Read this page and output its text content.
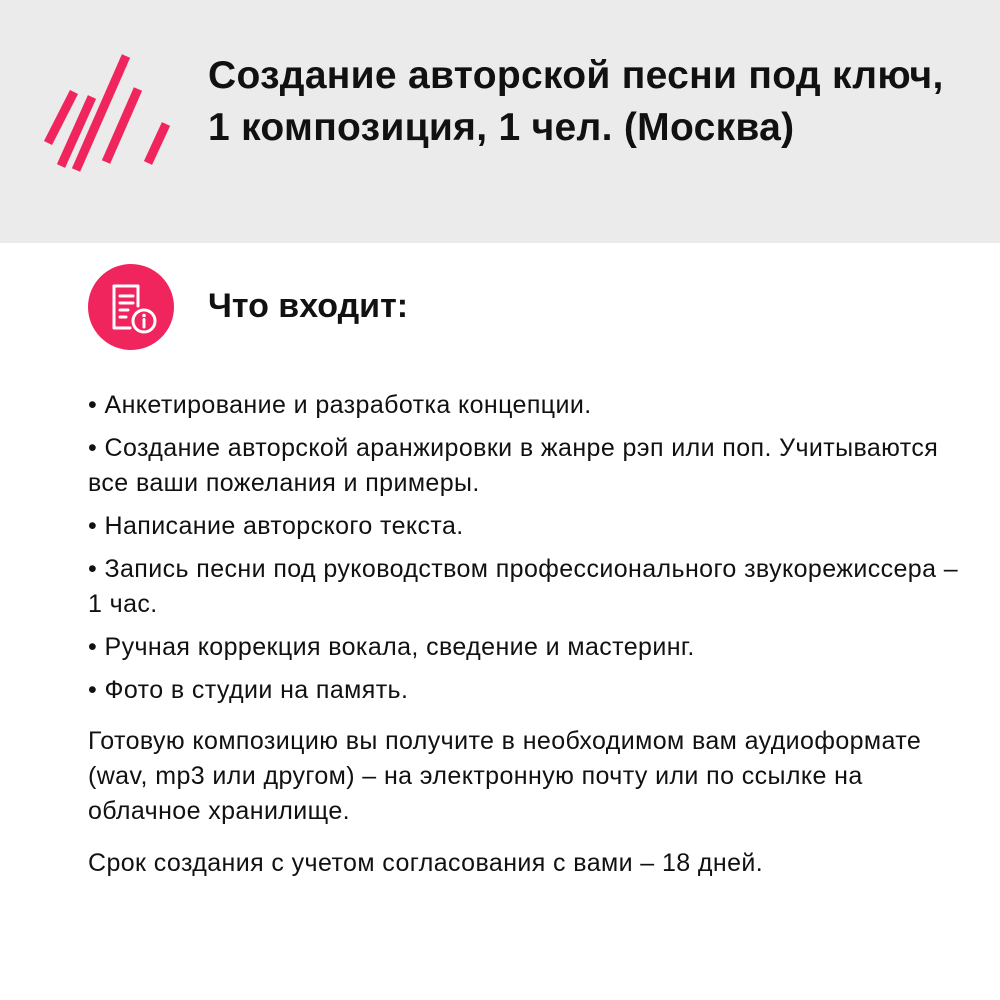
Создание авторской песни под ключ, 1 композиция, 1 чел. (Москва)
Что входит:
• Анкетирование и разработка концепции.
• Создание авторской аранжировки в жанре рэп или поп. Учитываются все ваши пожелания и примеры.
• Написание авторского текста.
• Запись песни под руководством профессионального звукорежиссера – 1 час.
• Ручная коррекция вокала, сведение и мастеринг.
• Фото в студии на память.

Готовую композицию вы получите в необходимом вам аудиоформате (wav, mp3 или другом) – на электронную почту или по ссылке на облачное хранилище.

Срок создания с учетом согласования с вами – 18 дней.
